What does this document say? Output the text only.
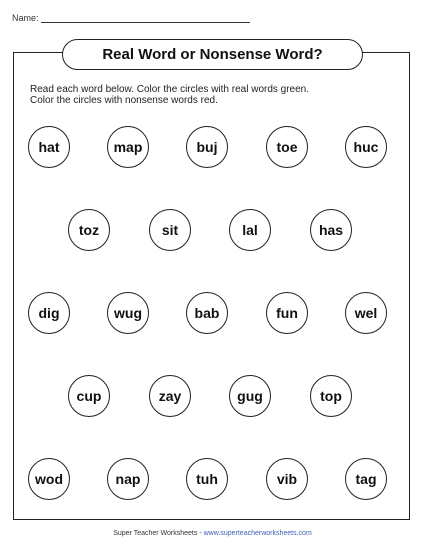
Name:
Real Word or Nonsense Word?
Read each word below. Color the circles with real words green.
Color the circles with nonsense words red.
hat	map	buj	toe	huc
toz	sit	lal	has
dig	wug	bab	fun	wel
cup	zay	gug	top
wod	nap	tuh	vib	tag
Super Teacher Worksheets - www.superteacherworksheets.com
